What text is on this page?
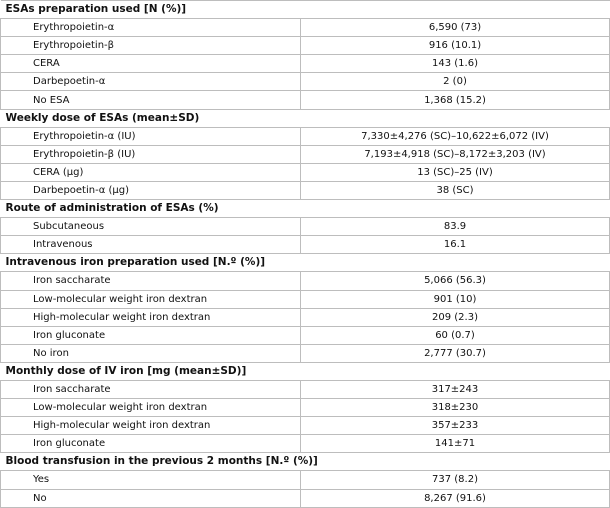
ESAs preparation used [N (%)]	
Erythropoietin-α	6,590 (73)
Erythropoietin-β	916 (10.1)
CERA	143 (1.6)
Darbepoetin-α	2 (0)
No ESA	1,368 (15.2)
Weekly dose of ESAs (mean±SD)	
Erythropoietin-α (IU)	7,330±4,276 (SC)–10,622±6,072 (IV)
Erythropoietin-β (IU)	7,193±4,918 (SC)–8,172±3,203 (IV)
CERA (μg)	13 (SC)–25 (IV)
Darbepoetin-α (μg)	38 (SC)
Route of administration of ESAs (%)	
Subcutaneous	83.9
Intravenous	16.1
Intravenous iron preparation used [N.º (%)]	
Iron saccharate	5,066 (56.3)
Low-molecular weight iron dextran	901 (10)
High-molecular weight iron dextran	209 (2.3)
Iron gluconate	60 (0.7)
No iron	2,777 (30.7)
Monthly dose of IV iron [mg (mean±SD)]	
Iron saccharate	317±243
Low-molecular weight iron dextran	318±230
High-molecular weight iron dextran	357±233
Iron gluconate	141±71
Blood transfusion in the previous 2 months [N.º (%)]	
Yes	737 (8.2)
No	8,267 (91.6)
